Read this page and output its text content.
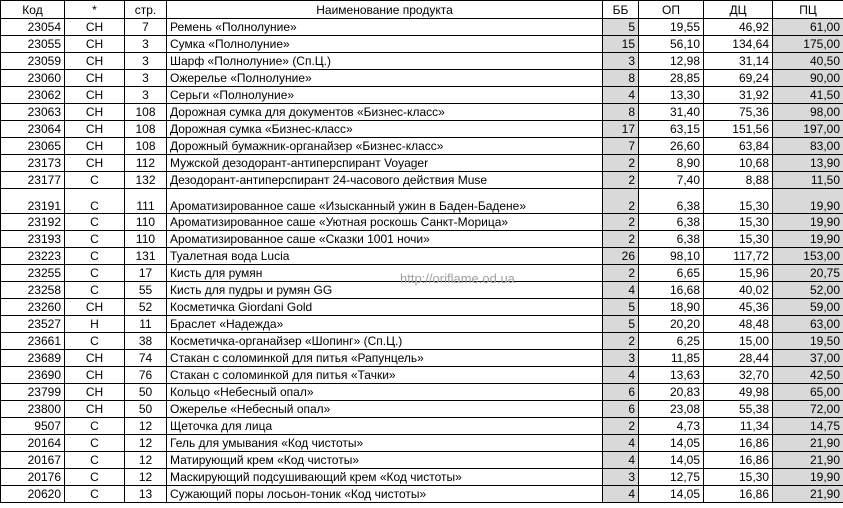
Код	*	стр.	Наименование продукта	ББ	ОП	ДЦ	ПЦ
23054	CH	7	Ремень «Полнолуние»	5	19,55	46,92	61,00
23055	CH	3	Сумка «Полнолуние»	15	56,10	134,64	175,00
23059	CH	3	Шарф «Полнолуние» (Сп.Ц.)	3	12,98	31,14	40,50
23060	CH	3	Ожерелье «Полнолуние»	8	28,85	69,24	90,00
23062	CH	3	Серьги «Полнолуние»	4	13,30	31,92	41,50
23063	CH	108	Дорожная сумка для документов «Бизнес-класс»	8	31,40	75,36	98,00
23064	CH	108	Дорожная сумка «Бизнес-класс»	17	63,15	151,56	197,00
23065	CH	108	Дорожный бумажник-органайзер «Бизнес-класс»	7	26,60	63,84	83,00
23173	CH	112	Мужской дезодорант-антиперспирант Voyager	2	8,90	10,68	13,90
23177	C	132	Дезодорант-антиперспирант 24-часового действия Muse	2	7,40	8,88	11,50
23191	C	111	Ароматизированное саше «Изысканный ужин в Баден-Бадене»	2	6,38	15,30	19,90
23192	C	110	Ароматизированное саше «Уютная роскошь Санкт-Морица»	2	6,38	15,30	19,90
23193	C	110	Ароматизированное саше «Сказки 1001 ночи»	2	6,38	15,30	19,90
23223	C	131	Туалетная вода Lucia	26	98,10	117,72	153,00
23255	C	17	Кисть для румян	2	6,65	15,96	20,75
23258	C	55	Кисть для пудры и румян GG	4	16,68	40,02	52,00
23260	CH	52	Косметичка Giordani Gold	5	18,90	45,36	59,00
23527	H	11	Браслет «Надежда»	5	20,20	48,48	63,00
23661	C	38	Косметичка-органайзер «Шопинг» (Сп.Ц.)	2	6,25	15,00	19,50
23689	CH	74	Стакан с соломинкой для питья «Рапунцель»	3	11,85	28,44	37,00
23690	CH	76	Стакан с соломинкой для питья «Тачки»	4	13,63	32,70	42,50
23799	CH	50	Кольцо «Небесный опал»	6	20,83	49,98	65,00
23800	CH	50	Ожерелье «Небесный опал»	6	23,08	55,38	72,00
9507	C	12	Щеточка для лица	2	4,73	11,34	14,75
20164	C	12	Гель для умывания «Код чистоты»	4	14,05	16,86	21,90
20167	C	12	Матирующий крем «Код чистоты»	4	14,05	16,86	21,90
20176	C	12	Маскирующий подсушивающий крем «Код чистоты»	3	12,75	15,30	19,90
20620	C	13	Сужающий поры лосьон-тоник «Код чистоты»	4	14,05	16,86	21,90
http://oriflame.od.ua
